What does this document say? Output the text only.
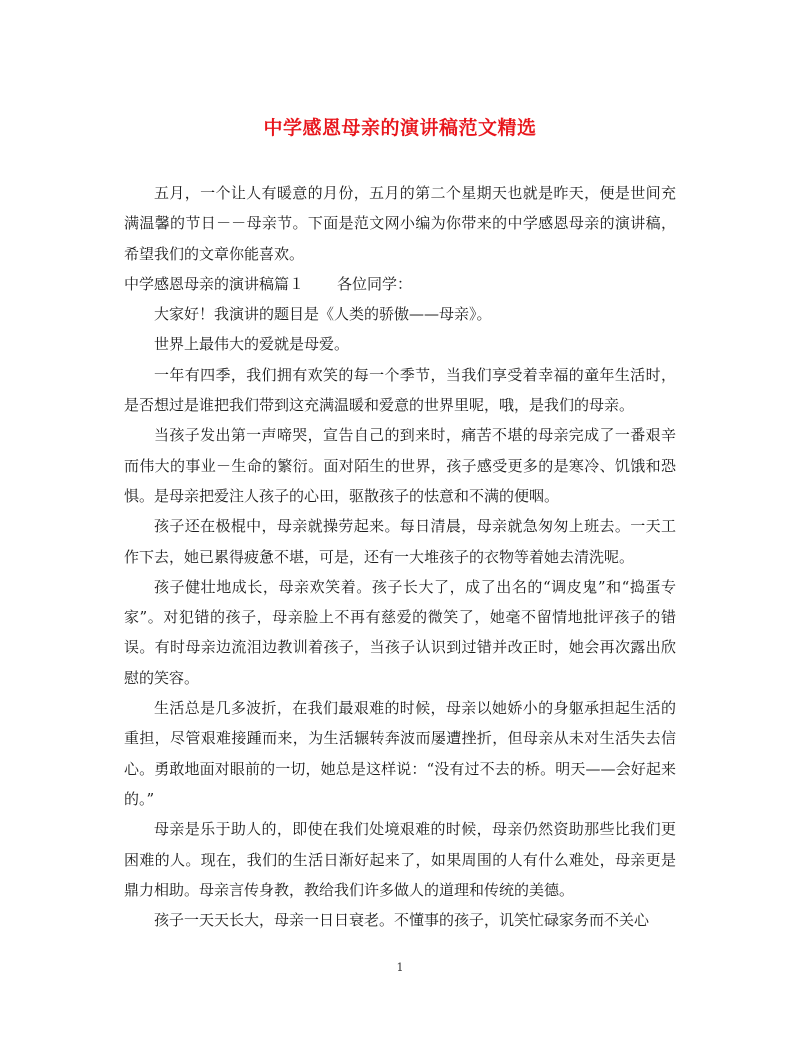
中学感恩母亲的演讲稿范文精选

五月，一个让人有暖意的月份，五月的第二个星期天也就是昨天，便是世间充满温馨的节日－－母亲节。下面是范文网小编为你带来的中学感恩母亲的演讲稿，希望我们的文章你能喜欢。

中学感恩母亲的演讲稿篇１ 各位同学：

大家好！我演讲的题目是《人类的骄傲——母亲》。

世界上最伟大的爱就是母爱。

一年有四季，我们拥有欢笑的每一个季节，当我们享受着幸福的童年生活时，是否想过是谁把我们带到这充满温暖和爱意的世界里呢，哦，是我们的母亲。

当孩子发出第一声啼哭，宣告自己的到来时，痛苦不堪的母亲完成了一番艰辛而伟大的事业－生命的繁衍。面对陌生的世界，孩子感受更多的是寒冷、饥饿和恐惧。是母亲把爱注人孩子的心田，驱散孩子的怯意和不满的便咽。

孩子还在极棍中，母亲就操劳起来。每日清晨，母亲就急匆匆上班去。一天工作下去，她已累得疲惫不堪，可是，还有一大堆孩子的衣物等着她去清洗呢。

孩子健壮地成长，母亲欢笑着。孩子长大了，成了出名的“调皮鬼”和“捣蛋专家”。对犯错的孩子，母亲脸上不再有慈爱的微笑了，她毫不留情地批评孩子的错误。有时母亲边流泪边教训着孩子，当孩子认识到过错并改正时，她会再次露出欣慰的笑容。

生活总是几多波折，在我们最艰难的时候，母亲以她娇小的身躯承担起生活的重担，尽管艰难接踵而来，为生活辗转奔波而屡遭挫折，但母亲从未对生活失去信心。勇敢地面对眼前的一切，她总是这样说：“没有过不去的桥。明天——会好起来的。”

母亲是乐于助人的，即使在我们处境艰难的时候，母亲仍然资助那些比我们更困难的人。现在，我们的生活日渐好起来了，如果周围的人有什么难处，母亲更是鼎力相助。母亲言传身教，教给我们许多做人的道理和传统的美德。

孩子一天天长大，母亲一日日衰老。不懂事的孩子，讥笑忙碌家务而不关心

1
